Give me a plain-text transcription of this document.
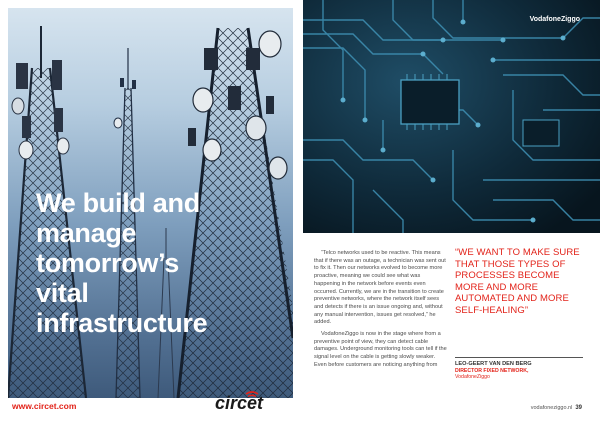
We build and
manage
tomorrow’s
vital
infrastructure
www.circet.com	circet
VodafoneZiggo

“Telco networks used to be reactive. This means that if there was an outage, a technician was sent out to fix it. Then our networks evolved to become more proactive, meaning we could see what was happening in the network before events even occurred. Currently, we are in the transition to create preventive networks, where the network itself sees and detects if there is an issue ongoing and, without any manual intervention, issues get resolved,” he added.

VodafoneZiggo is now in the stage where from a preventive point of view, they can detect cable damages. Underground monitoring tools can tell if the signal level on the cable is getting slowly weaker. Even before customers are noticing anything from

“WE WANT TO MAKE SURE THAT THOSE TYPES OF PROCESSES BECOME MORE AND MORE AUTOMATED AND MORE SELF-HEALING”

LEO-GEERT VAN DEN BERG
DIRECTOR FIXED NETWORK,
VodafoneZiggo
vodafoneziggo.nl 39
